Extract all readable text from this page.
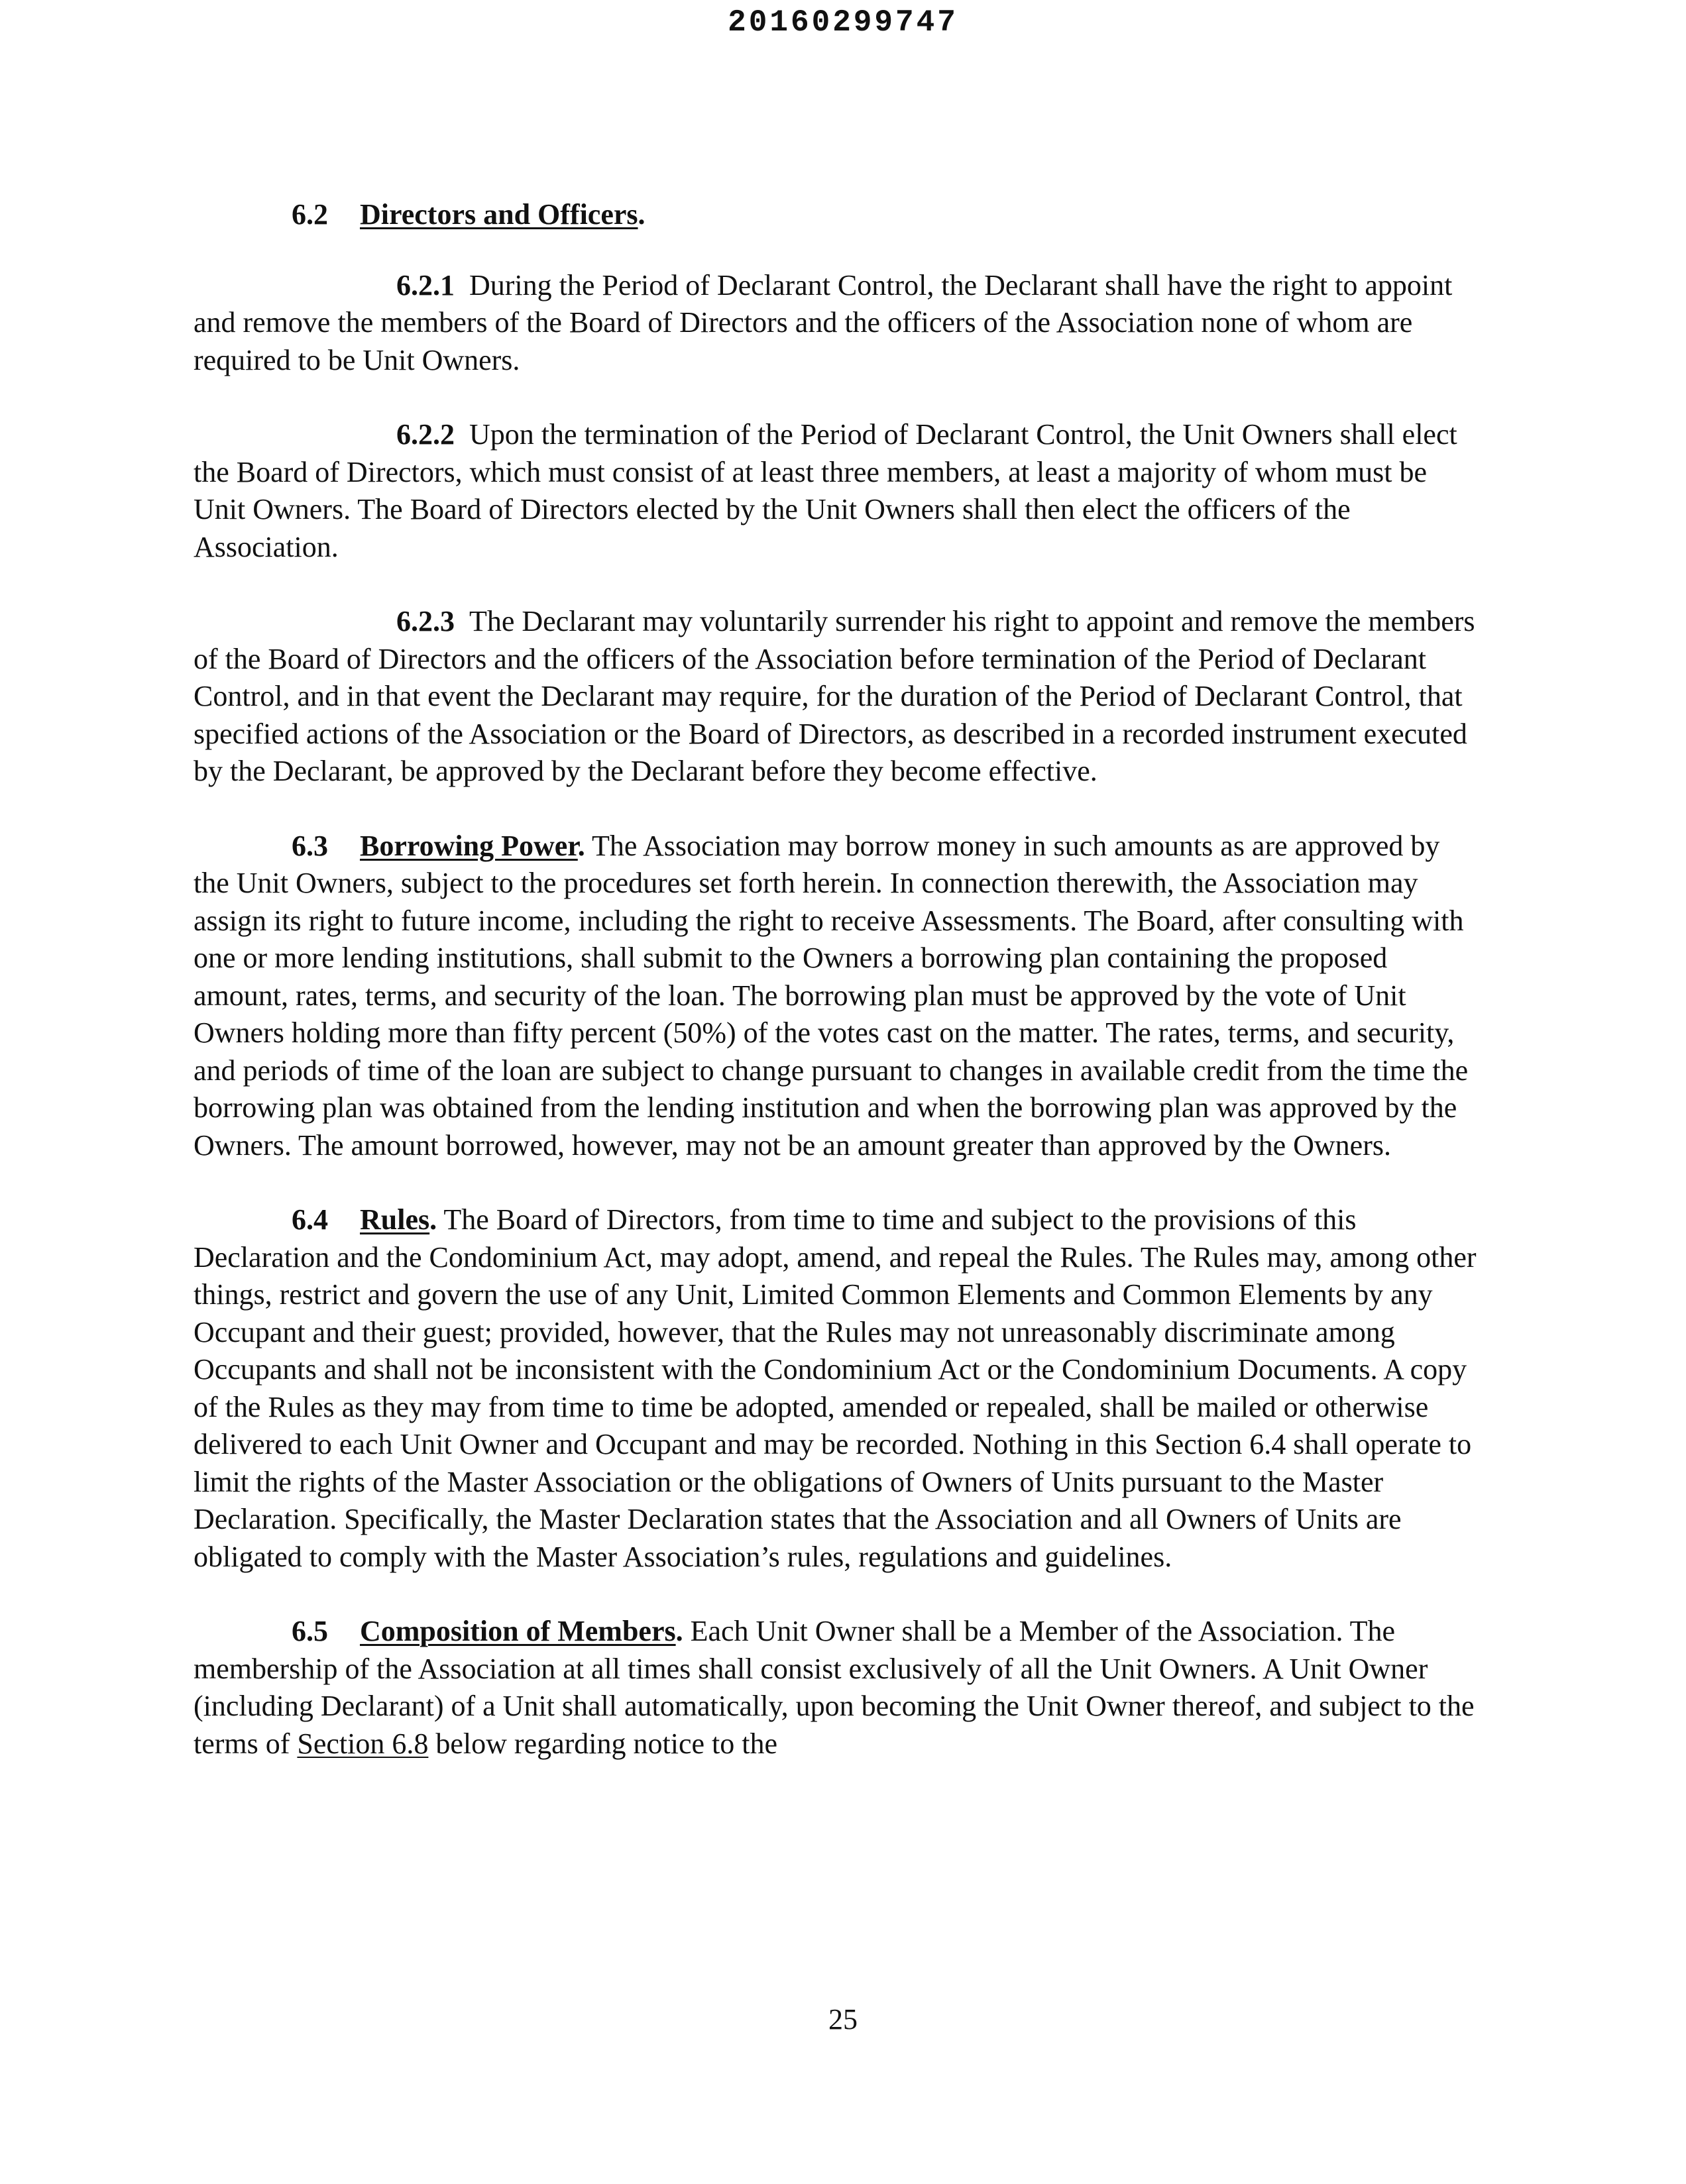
20160299747

6.2 Directors and Officers.

6.2.1 During the Period of Declarant Control, the Declarant shall have the right to appoint and remove the members of the Board of Directors and the officers of the Association none of whom are required to be Unit Owners.

6.2.2 Upon the termination of the Period of Declarant Control, the Unit Owners shall elect the Board of Directors, which must consist of at least three members, at least a majority of whom must be Unit Owners. The Board of Directors elected by the Unit Owners shall then elect the officers of the Association.

6.2.3 The Declarant may voluntarily surrender his right to appoint and remove the members of the Board of Directors and the officers of the Association before termination of the Period of Declarant Control, and in that event the Declarant may require, for the duration of the Period of Declarant Control, that specified actions of the Association or the Board of Directors, as described in a recorded instrument executed by the Declarant, be approved by the Declarant before they become effective.

6.3 Borrowing Power. The Association may borrow money in such amounts as are approved by the Unit Owners, subject to the procedures set forth herein. In connection therewith, the Association may assign its right to future income, including the right to receive Assessments. The Board, after consulting with one or more lending institutions, shall submit to the Owners a borrowing plan containing the proposed amount, rates, terms, and security of the loan. The borrowing plan must be approved by the vote of Unit Owners holding more than fifty percent (50%) of the votes cast on the matter. The rates, terms, and security, and periods of time of the loan are subject to change pursuant to changes in available credit from the time the borrowing plan was obtained from the lending institution and when the borrowing plan was approved by the Owners. The amount borrowed, however, may not be an amount greater than approved by the Owners.

6.4 Rules. The Board of Directors, from time to time and subject to the provisions of this Declaration and the Condominium Act, may adopt, amend, and repeal the Rules. The Rules may, among other things, restrict and govern the use of any Unit, Limited Common Elements and Common Elements by any Occupant and their guest; provided, however, that the Rules may not unreasonably discriminate among Occupants and shall not be inconsistent with the Condominium Act or the Condominium Documents. A copy of the Rules as they may from time to time be adopted, amended or repealed, shall be mailed or otherwise delivered to each Unit Owner and Occupant and may be recorded. Nothing in this Section 6.4 shall operate to limit the rights of the Master Association or the obligations of Owners of Units pursuant to the Master Declaration. Specifically, the Master Declaration states that the Association and all Owners of Units are obligated to comply with the Master Association’s rules, regulations and guidelines.

6.5 Composition of Members. Each Unit Owner shall be a Member of the Association. The membership of the Association at all times shall consist exclusively of all the Unit Owners. A Unit Owner (including Declarant) of a Unit shall automatically, upon becoming the Unit Owner thereof, and subject to the terms of Section 6.8 below regarding notice to the

25
